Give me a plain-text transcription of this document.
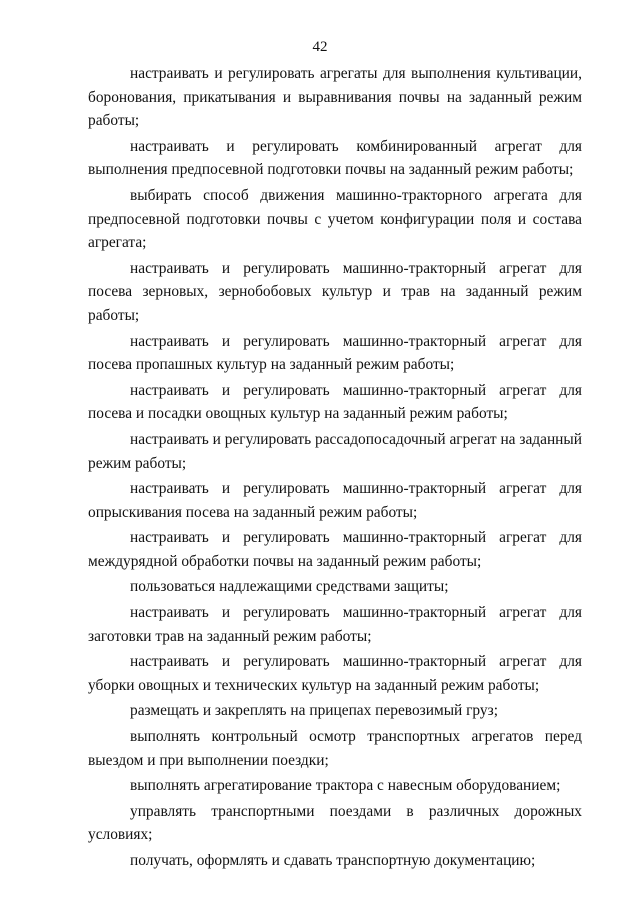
42

настраивать и регулировать агрегаты для выполнения культивации, боронования, прикатывания и выравнивания почвы на заданный режим работы;

настраивать и регулировать комбинированный агрегат для выполнения предпосевной подготовки почвы на заданный режим работы;

выбирать способ движения машинно-тракторного агрегата для предпосевной подготовки почвы с учетом конфигурации поля и состава агрегата;

настраивать и регулировать машинно-тракторный агрегат для посева зерновых, зернобобовых культур и трав на заданный режим работы;

настраивать и регулировать машинно-тракторный агрегат для посева пропашных культур на заданный режим работы;

настраивать и регулировать машинно-тракторный агрегат для посева и посадки овощных культур на заданный режим работы;

настраивать и регулировать рассадопосадочный агрегат на заданный режим работы;

настраивать и регулировать машинно-тракторный агрегат для опрыскивания посева на заданный режим работы;

настраивать и регулировать машинно-тракторный агрегат для междурядной обработки почвы на заданный режим работы;

пользоваться надлежащими средствами защиты;

настраивать и регулировать машинно-тракторный агрегат для заготовки трав на заданный режим работы;

настраивать и регулировать машинно-тракторный агрегат для уборки овощных и технических культур на заданный режим работы;

размещать и закреплять на прицепах перевозимый груз;

выполнять контрольный осмотр транспортных агрегатов перед выездом и при выполнении поездки;

выполнять агрегатирование трактора с навесным оборудованием;

управлять транспортными поездами в различных дорожных условиях;

получать, оформлять и сдавать транспортную документацию;
